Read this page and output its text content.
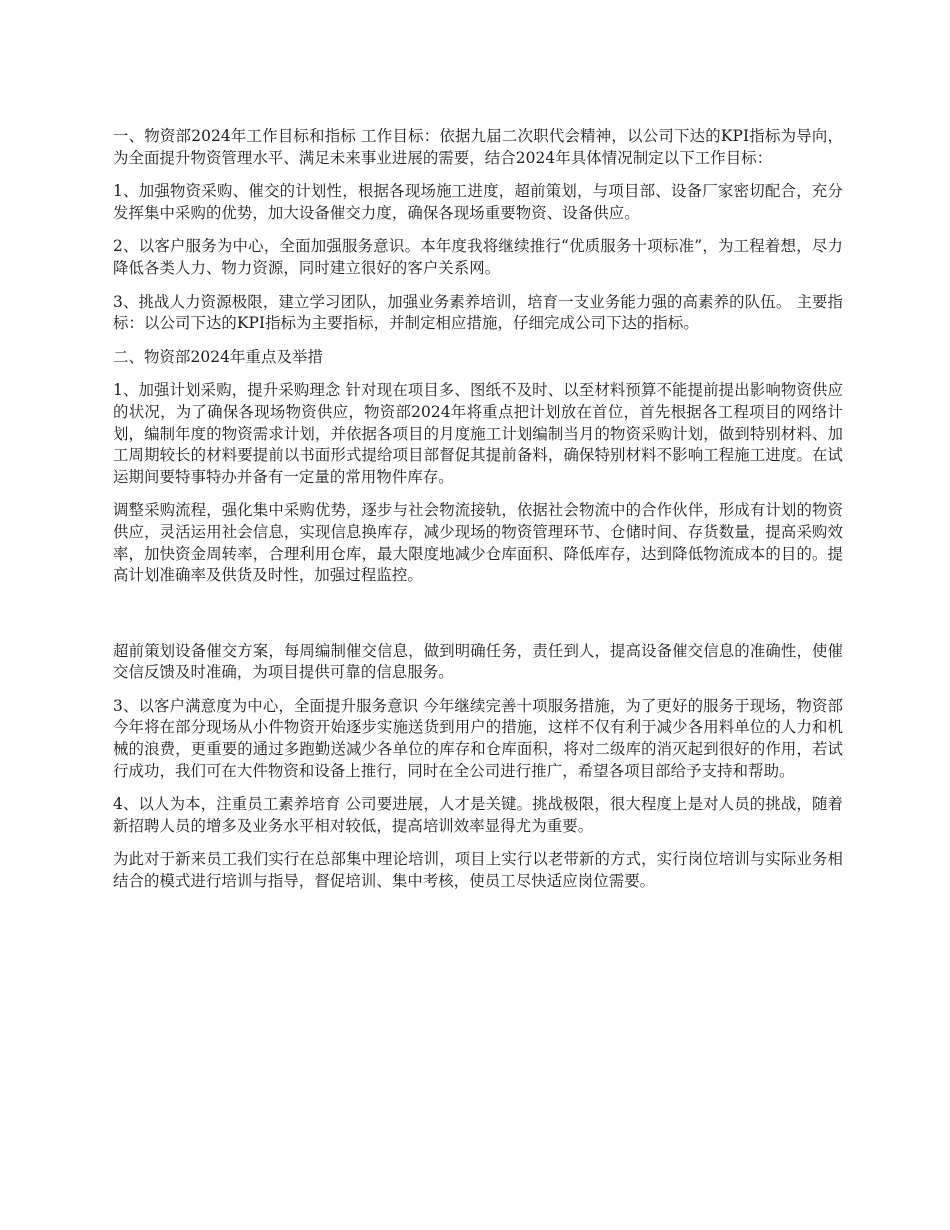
一、物资部2024年工作目标和指标 工作目标：依据九届二次职代会精神，以公司下达的KPI指标为导向，为全面提升物资管理水平、满足未来事业进展的需要，结合2024年具体情况制定以下工作目标：

1、加强物资采购、催交的计划性，根据各现场施工进度，超前策划，与项目部、设备厂家密切配合，充分发挥集中采购的优势，加大设备催交力度，确保各现场重要物资、设备供应。

2、以客户服务为中心，全面加强服务意识。本年度我将继续推行“优质服务十项标准”，为工程着想，尽力降低各类人力、物力资源，同时建立很好的客户关系网。

3、挑战人力资源极限，建立学习团队，加强业务素养培训，培育一支业务能力强的高素养的队伍。 主要指标：以公司下达的KPI指标为主要指标，并制定相应措施，仔细完成公司下达的指标。

二、物资部2024年重点及举措

1、加强计划采购，提升采购理念 针对现在项目多、图纸不及时、以至材料预算不能提前提出影响物资供应的状况，为了确保各现场物资供应，物资部2024年将重点把计划放在首位，首先根据各工程项目的网络计划，编制年度的物资需求计划，并依据各项目的月度施工计划编制当月的物资采购计划，做到特别材料、加工周期较长的材料要提前以书面形式提给项目部督促其提前备料，确保特别材料不影响工程施工进度。在试运期间要特事特办并备有一定量的常用物件库存。

调整采购流程，强化集中采购优势，逐步与社会物流接轨，依据社会物流中的合作伙伴，形成有计划的物资供应，灵活运用社会信息，实现信息换库存，减少现场的物资管理环节、仓储时间、存货数量，提高采购效率，加快资金周转率，合理利用仓库，最大限度地减少仓库面积、降低库存，达到降低物流成本的目的。提高计划准确率及供货及时性，加强过程监控。

超前策划设备催交方案，每周编制催交信息，做到明确任务，责任到人，提高设备催交信息的准确性，使催交信反馈及时准确，为项目提供可靠的信息服务。

3、以客户满意度为中心，全面提升服务意识 今年继续完善十项服务措施，为了更好的服务于现场，物资部今年将在部分现场从小件物资开始逐步实施送货到用户的措施，这样不仅有利于减少各用料单位的人力和机械的浪费，更重要的通过多跑勤送减少各单位的库存和仓库面积，将对二级库的消灭起到很好的作用，若试行成功，我们可在大件物资和设备上推行，同时在全公司进行推广，希望各项目部给予支持和帮助。

4、以人为本，注重员工素养培育 公司要进展，人才是关键。挑战极限，很大程度上是对人员的挑战，随着新招聘人员的增多及业务水平相对较低，提高培训效率显得尤为重要。

为此对于新来员工我们实行在总部集中理论培训，项目上实行以老带新的方式，实行岗位培训与实际业务相结合的模式进行培训与指导，督促培训、集中考核，使员工尽快适应岗位需要。
